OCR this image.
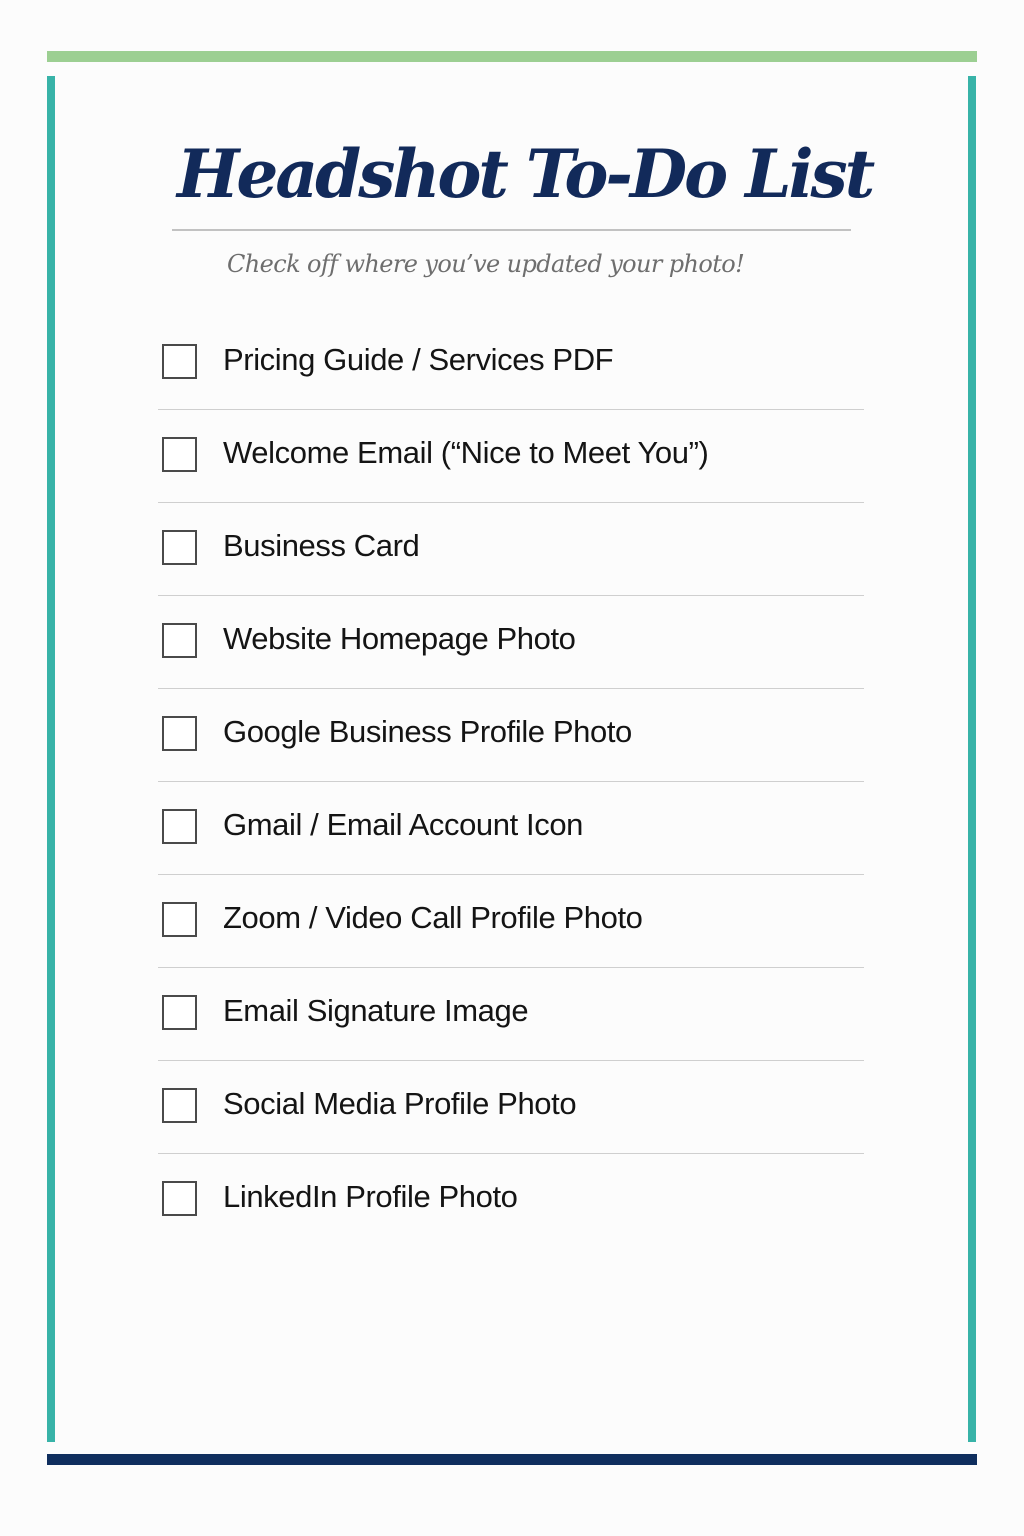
Headshot To-Do List
Check off where you’ve updated your photo!
Pricing Guide / Services PDF
Welcome Email (“Nice to Meet You”)
Business Card
Website Homepage Photo
Google Business Profile Photo
Gmail / Email Account Icon
Zoom / Video Call Profile Photo
Email Signature Image
Social Media Profile Photo
LinkedIn Profile Photo
